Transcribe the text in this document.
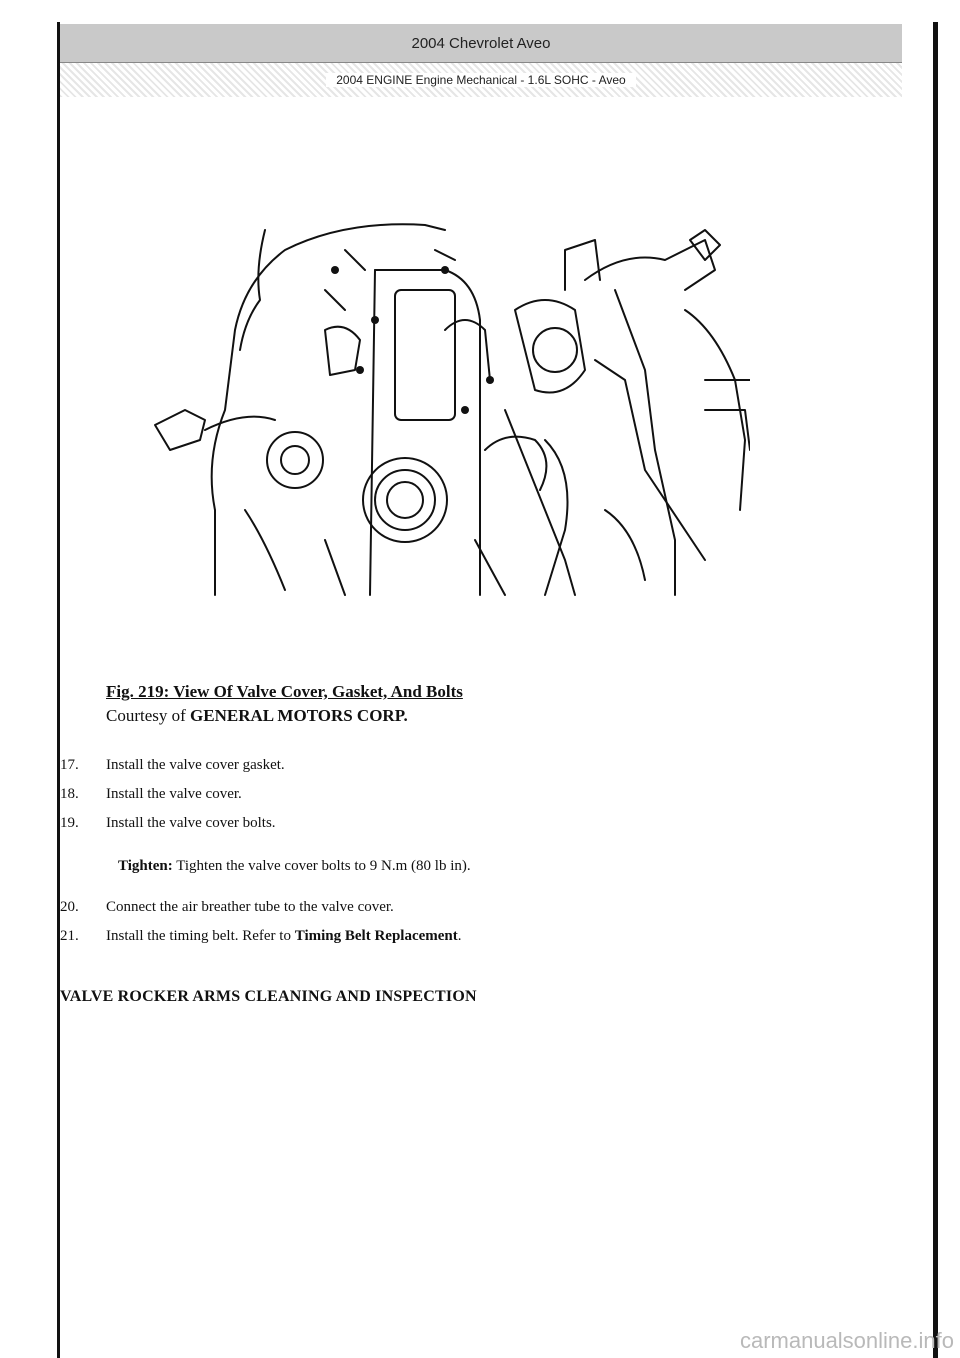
2004 Chevrolet Aveo
2004 ENGINE Engine Mechanical - 1.6L SOHC - Aveo
Fig. 219: View Of Valve Cover, Gasket, And Bolts
Courtesy of GENERAL MOTORS CORP.
17.	Install the valve cover gasket.
18.	Install the valve cover.
19.	Install the valve cover bolts.
Tighten: Tighten the valve cover bolts to 9 N.m (80 lb in).
20.	Connect the air breather tube to the valve cover.
21.	Install the timing belt. Refer to Timing Belt Replacement.
VALVE ROCKER ARMS CLEANING AND INSPECTION
carmanualsonline.info
